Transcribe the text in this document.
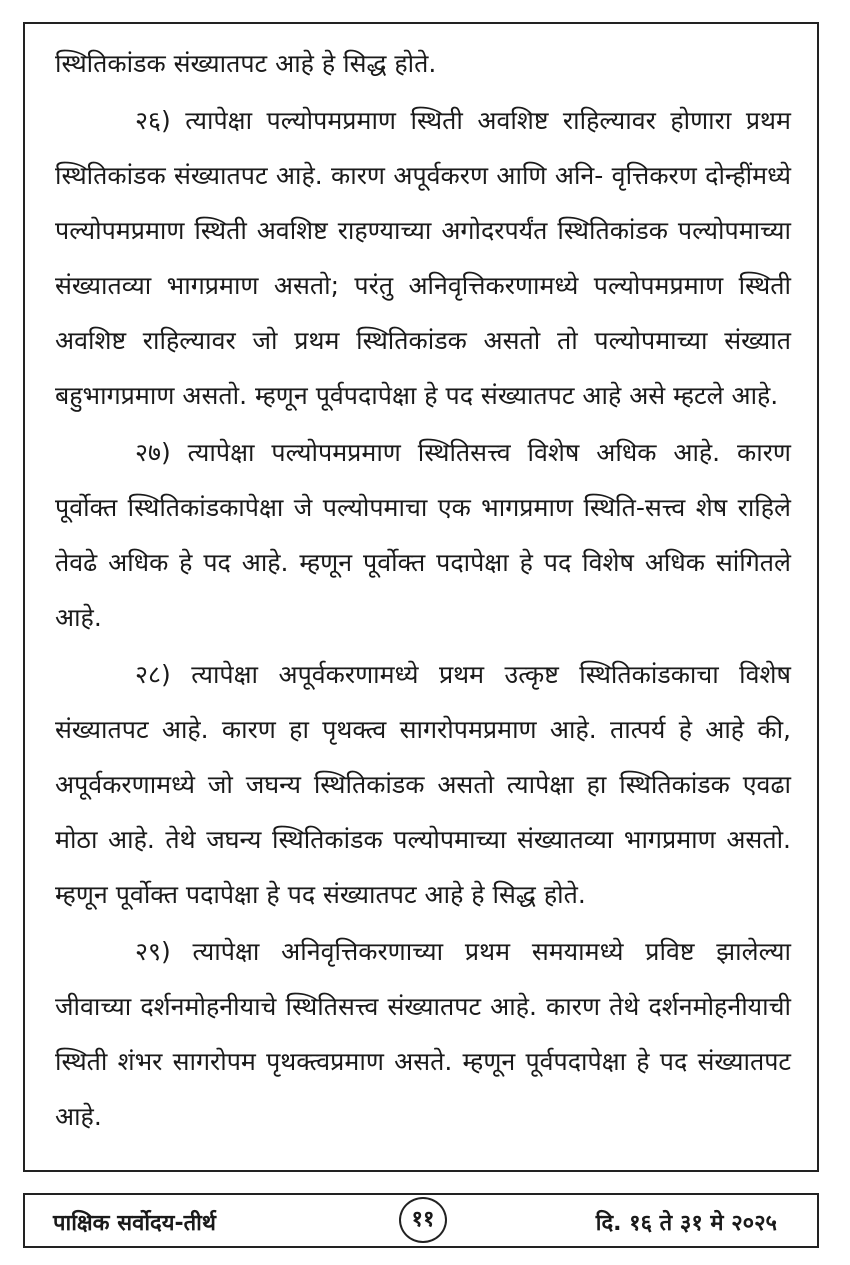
स्थितिकांडक संख्यातपट आहे हे सिद्ध होते.

२६) त्यापेक्षा पल्योपमप्रमाण स्थिती अवशिष्ट राहिल्यावर होणारा प्रथम स्थितिकांडक संख्यातपट आहे. कारण अपूर्वकरण आणि अनि- वृत्तिकरण दोन्हींमध्ये पल्योपमप्रमाण स्थिती अवशिष्ट राहण्याच्या अगोदरपर्यंत स्थितिकांडक पल्योपमाच्या संख्यातव्या भागप्रमाण असतो; परंतु अनिवृत्तिकरणामध्ये पल्योपमप्रमाण स्थिती अवशिष्ट राहिल्यावर जो प्रथम स्थितिकांडक असतो तो पल्योपमाच्या संख्यात बहुभागप्रमाण असतो. म्हणून पूर्वपदापेक्षा हे पद संख्यातपट आहे असे म्हटले आहे.

२७) त्यापेक्षा पल्योपमप्रमाण स्थितिसत्त्व विशेष अधिक आहे. कारण पूर्वोक्त स्थितिकांडकापेक्षा जे पल्योपमाचा एक भागप्रमाण स्थिति-सत्त्व शेष राहिले तेवढे अधिक हे पद आहे. म्हणून पूर्वोक्त पदापेक्षा हे पद विशेष अधिक सांगितले आहे.

२८) त्यापेक्षा अपूर्वकरणामध्ये प्रथम उत्कृष्ट स्थितिकांडकाचा विशेष संख्यातपट आहे. कारण हा पृथक्त्व सागरोपमप्रमाण आहे. तात्पर्य हे आहे की, अपूर्वकरणामध्ये जो जघन्य स्थितिकांडक असतो त्यापेक्षा हा स्थितिकांडक एवढा मोठा आहे. तेथे जघन्य स्थितिकांडक पल्योपमाच्या संख्यातव्या भागप्रमाण असतो. म्हणून पूर्वोक्त पदापेक्षा हे पद संख्यातपट आहे हे सिद्ध होते.

२९) त्यापेक्षा अनिवृत्तिकरणाच्या प्रथम समयामध्ये प्रविष्ट झालेल्या जीवाच्या दर्शनमोहनीयाचे स्थितिसत्त्व संख्यातपट आहे. कारण तेथे दर्शनमोहनीयाची स्थिती शंभर सागरोपम पृथक्त्वप्रमाण असते. म्हणून पूर्वपदापेक्षा हे पद संख्यातपट आहे.

पाक्षिक सर्वोदय-तीर्थ	११	दि. १६ ते ३१ मे २०२५
